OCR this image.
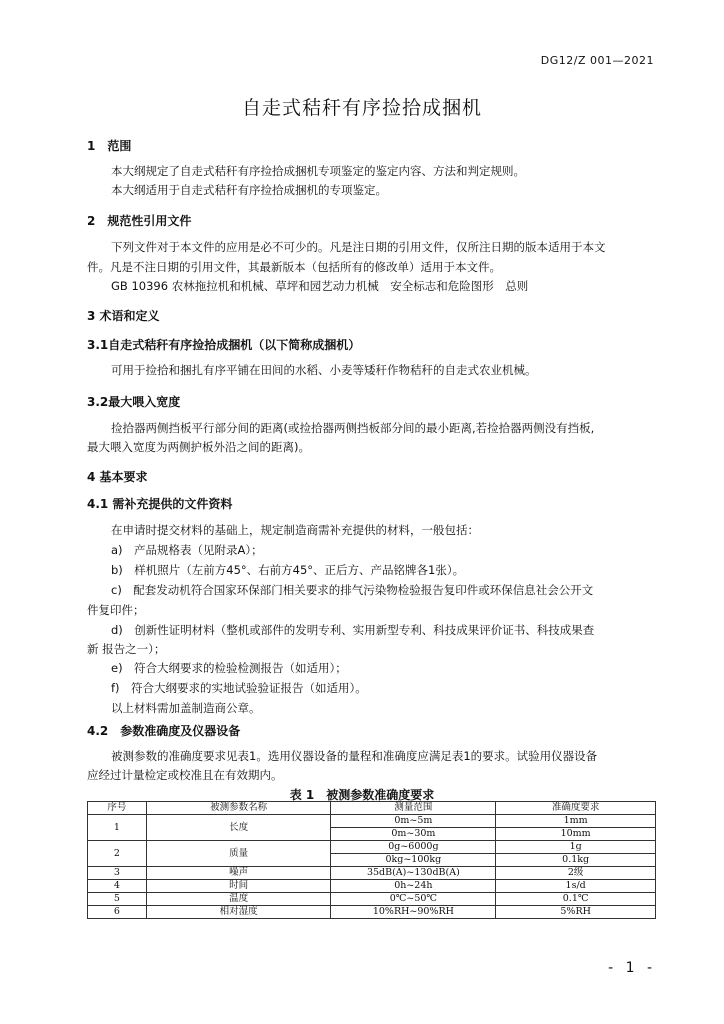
DG12/Z 001—2021
自走式秸秆有序捡拾成捆机
1　范围
本大纲规定了自走式秸秆有序捡拾成捆机专项鉴定的鉴定内容、方法和判定规则。
本大纲适用于自走式秸秆有序捡拾成捆机的专项鉴定。
2　规范性引用文件
下列文件对于本文件的应用是必不可少的。凡是注日期的引用文件，仅所注日期的版本适用于本文
件。凡是不注日期的引用文件，其最新版本（包括所有的修改单）适用于本文件。
GB 10396 农林拖拉机和机械、草坪和园艺动力机械　安全标志和危险图形　总则
3 术语和定义
3.1自走式秸秆有序捡拾成捆机（以下简称成捆机）
可用于捡拾和捆扎有序平铺在田间的水稻、小麦等矮秆作物秸秆的自走式农业机械。
3.2最大喂入宽度
捡拾器两侧挡板平行部分间的距离(或捡拾器两侧挡板部分间的最小距离,若捡拾器两侧没有挡板,
最大喂入宽度为两侧护板外沿之间的距离)。
4 基本要求
4.1 需补充提供的文件资料
在申请时提交材料的基础上，规定制造商需补充提供的材料，一般包括：
a)　产品规格表（见附录A）；
b)　样机照片（左前方45°、右前方45°、正后方、产品铭牌各1张）。
c)　配套发动机符合国家环保部门相关要求的排气污染物检验报告复印件或环保信息社会公开文
件复印件；
d)　创新性证明材料（整机或部件的发明专利、实用新型专利、科技成果评价证书、科技成果查
新 报告之一）；
e)　符合大纲要求的检验检测报告（如适用）；
f)　符合大纲要求的实地试验验证报告（如适用）。
以上材料需加盖制造商公章。
4.2　参数准确度及仪器设备
被测参数的准确度要求见表1。选用仪器设备的量程和准确度应满足表1的要求。试验用仪器设备
应经过计量检定或校准且在有效期内。
表 1　被测参数准确度要求
序号	被测参数名称	测量范围	准确度要求
1	长度	0m~5m	1mm
		0m~30m	10mm
2	质量	0g~6000g	1g
		0kg~100kg	0.1kg
3	噪声	35dB(A)~130dB(A)	2级
4	时间	0h~24h	1s/d
5	温度	0℃~50℃	0.1℃
6	相对湿度	10%RH~90%RH	5%RH
- 1 -
